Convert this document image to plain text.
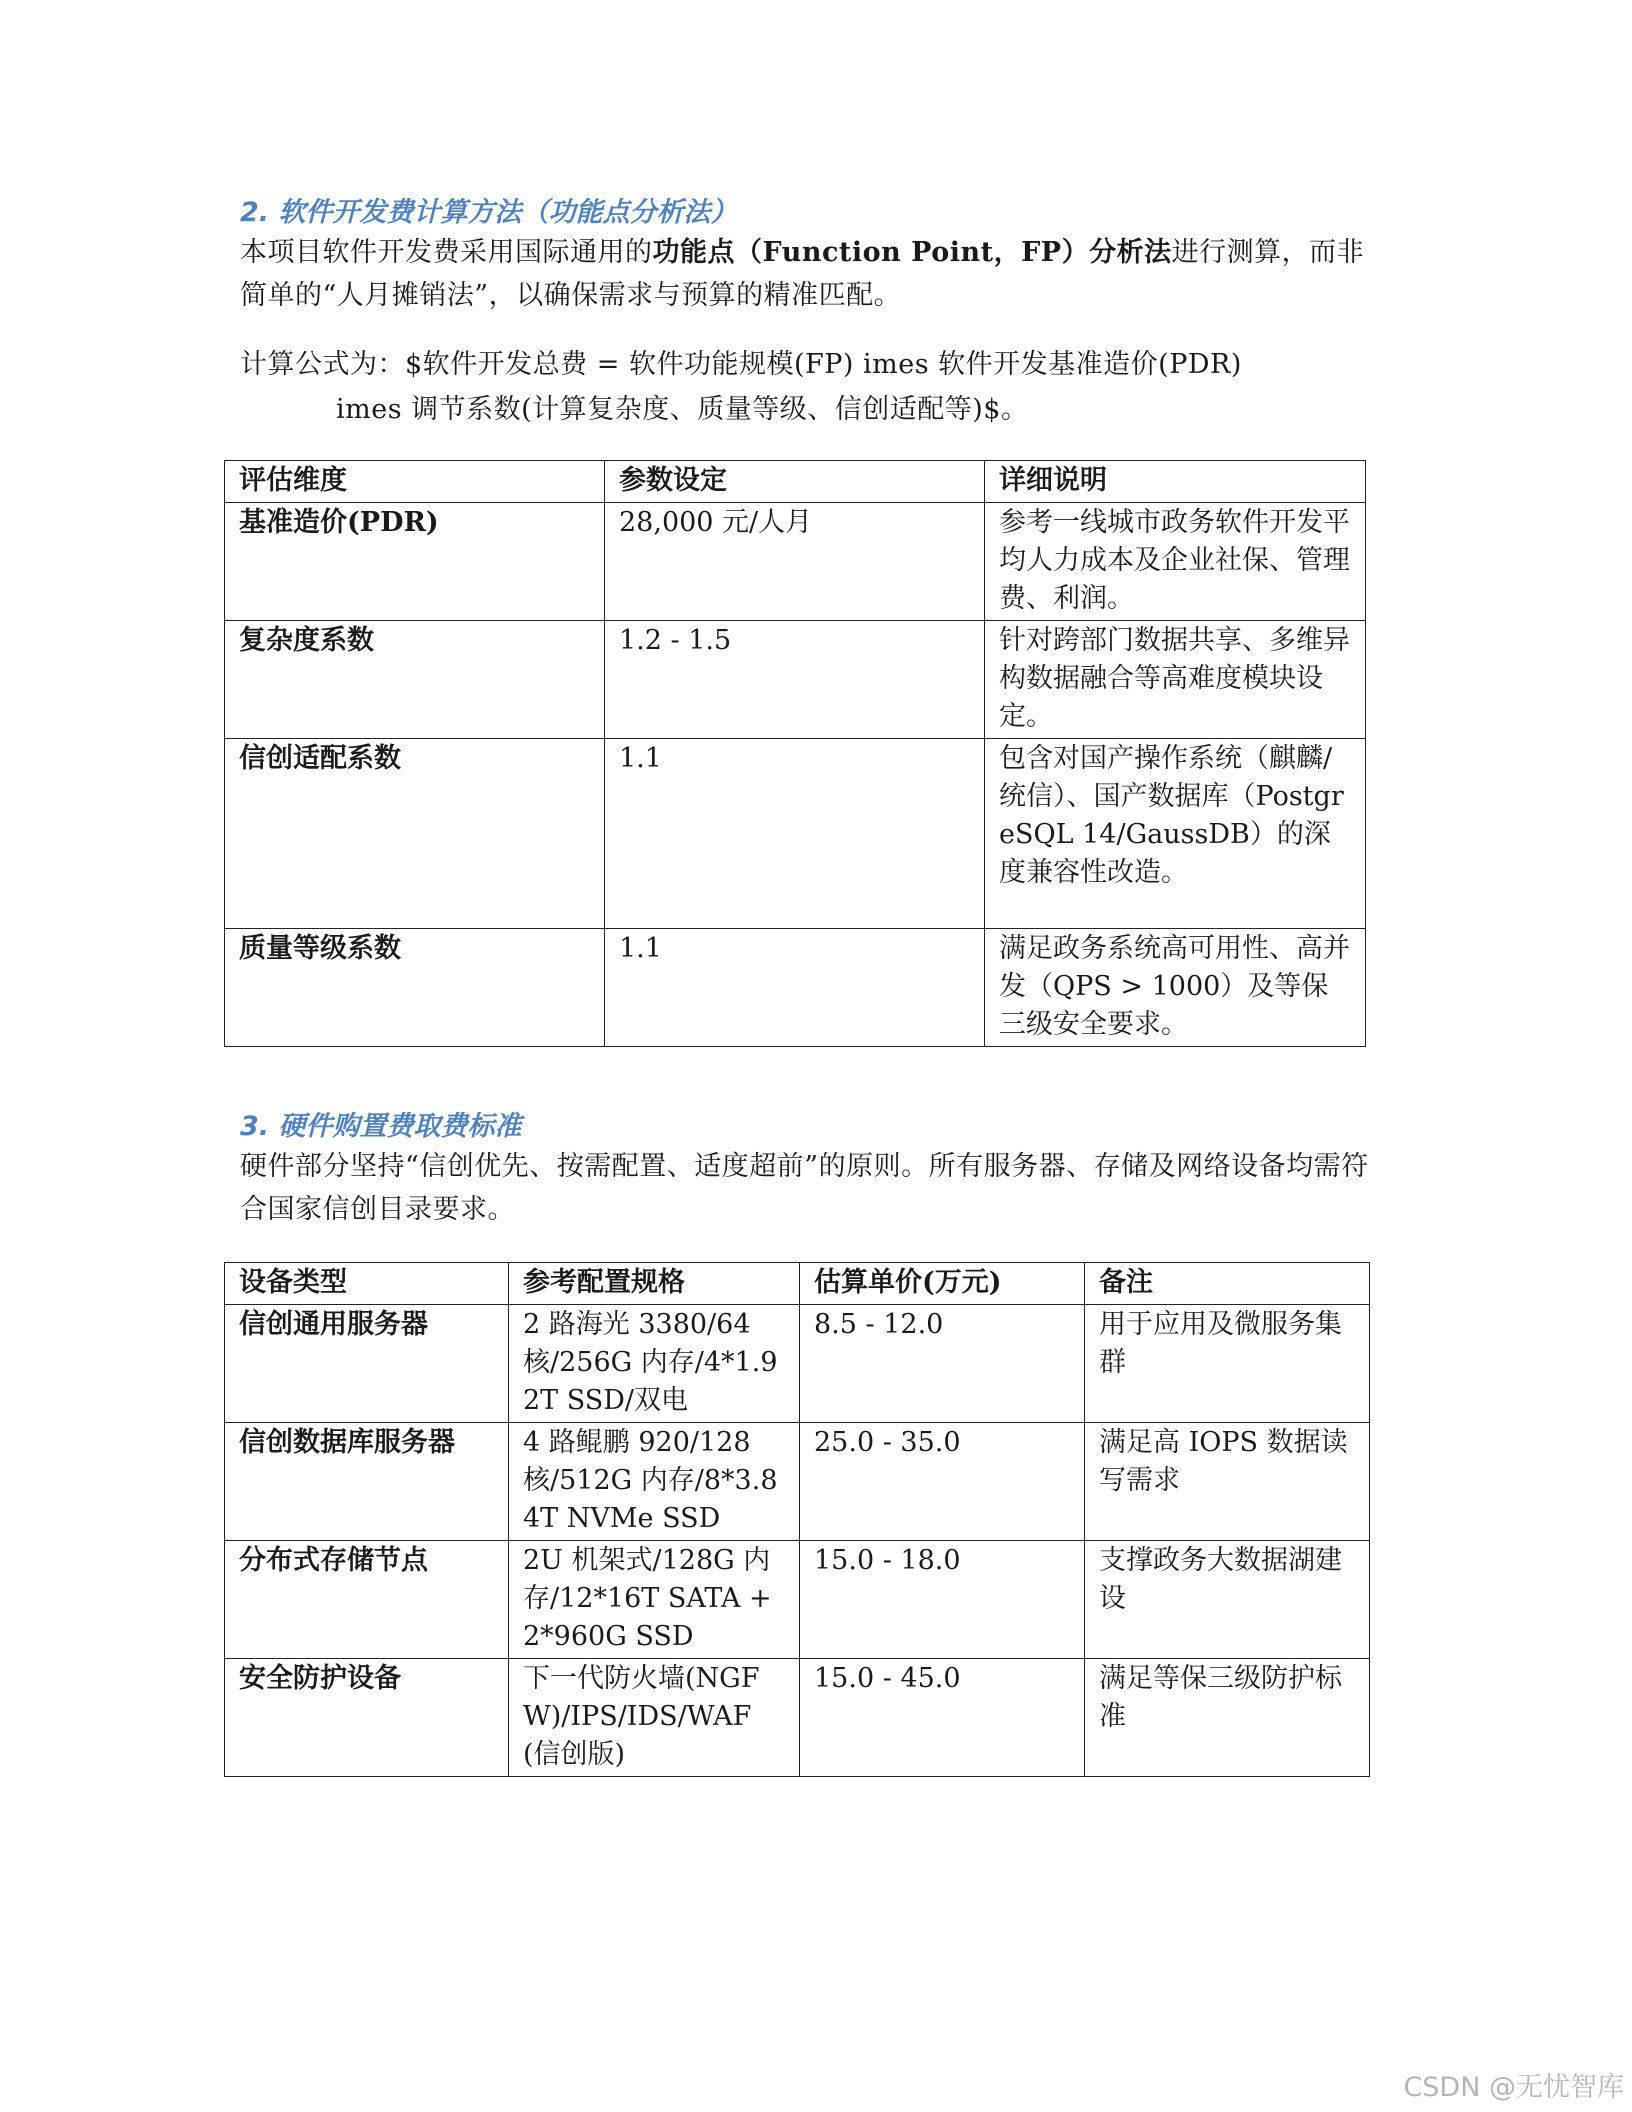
2. 软件开发费计算方法（功能点分析法）

本项目软件开发费采用国际通用的功能点（Function Point，FP）分析法进行测算，而非简单的“人月摊销法”，以确保需求与预算的精准匹配。

计算公式为：$软件开发总费 = 软件功能规模(FP) imes 软件开发基准造价(PDR)
imes 调节系数(计算复杂度、质量等级、信创适配等)$。

评估维度	参数设定	详细说明
基准造价(PDR)	28,000 元/人月	参考一线城市政务软件开发平均人力成本及企业社保、管理费、利润。
复杂度系数	1.2 - 1.5	针对跨部门数据共享、多维异构数据融合等高难度模块设定。
信创适配系数	1.1	包含对国产操作系统（麒麟/统信）、国产数据库（PostgreSQL 14/GaussDB）的深度兼容性改造。
质量等级系数	1.1	满足政务系统高可用性、高并发（QPS > 1000）及等保三级安全要求。
3. 硬件购置费取费标准

硬件部分坚持“信创优先、按需配置、适度超前”的原则。所有服务器、存储及网络设备均需符合国家信创目录要求。

设备类型	参考配置规格	估算单价(万元)	备注
信创通用服务器	2 路海光 3380/64 核/256G 内存/4*1.92T SSD/双电	8.5 - 12.0	用于应用及微服务集群
信创数据库服务器	4 路鲲鹏 920/128 核/512G 内存/8*3.84T NVMe SSD	25.0 - 35.0	满足高 IOPS 数据读写需求
分布式存储节点	2U 机架式/128G 内存/12*16T SATA + 2*960G SSD	15.0 - 18.0	支撑政务大数据湖建设
安全防护设备	下一代防火墙(NGFW)/IPS/IDS/WAF(信创版)	15.0 - 45.0	满足等保三级防护标准
CSDN @无忧智库
